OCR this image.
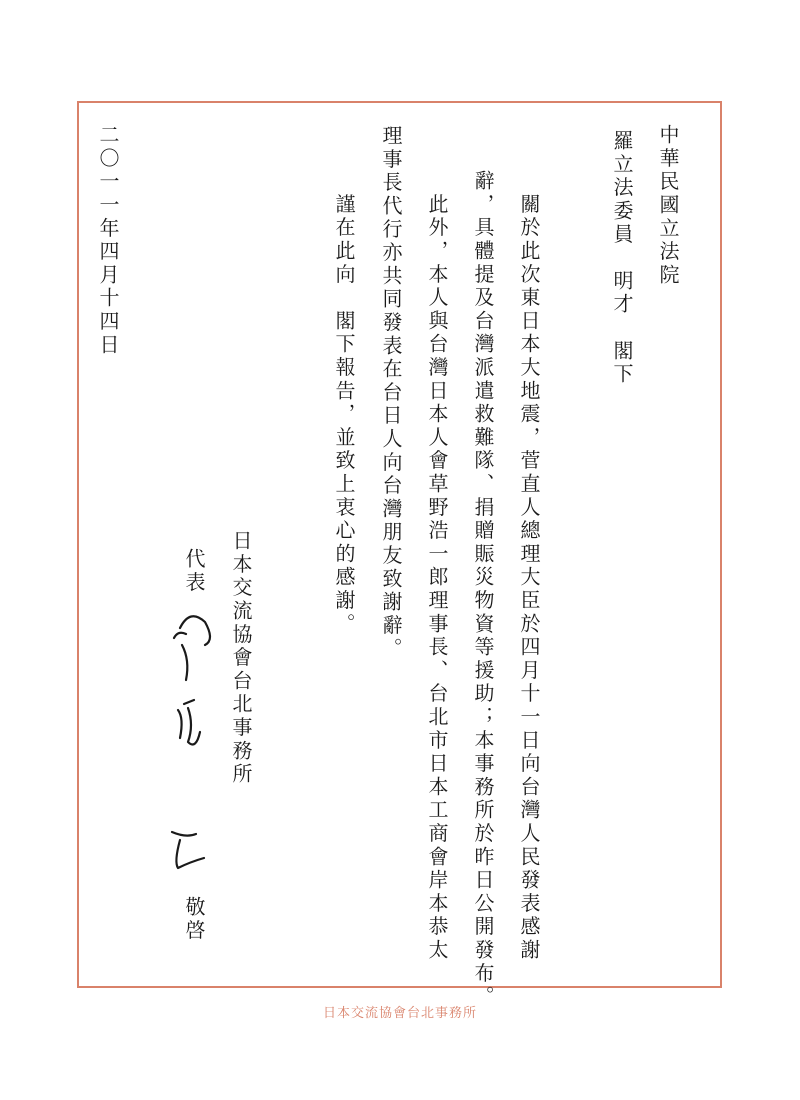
中華民國立法院
羅立法委員　明才　閣下
　關於此次東日本大地震，菅直人總理大臣於四月十一日向台灣人民發表感謝
辭，具體提及台灣派遣救難隊、捐贈賑災物資等援助；本事務所於昨日公開發布。
　此外，本人與台灣日本人會草野浩一郎理事長、台北市日本工商會岸本恭太
理事長代行亦共同發表在台日人向台灣朋友致謝辭。
　謹在此向　閣下報告，並致上衷心的感謝。
日本交流協會台北事務所
代表
敬啓
二〇一一年四月十四日
日本交流協會台北事務所
